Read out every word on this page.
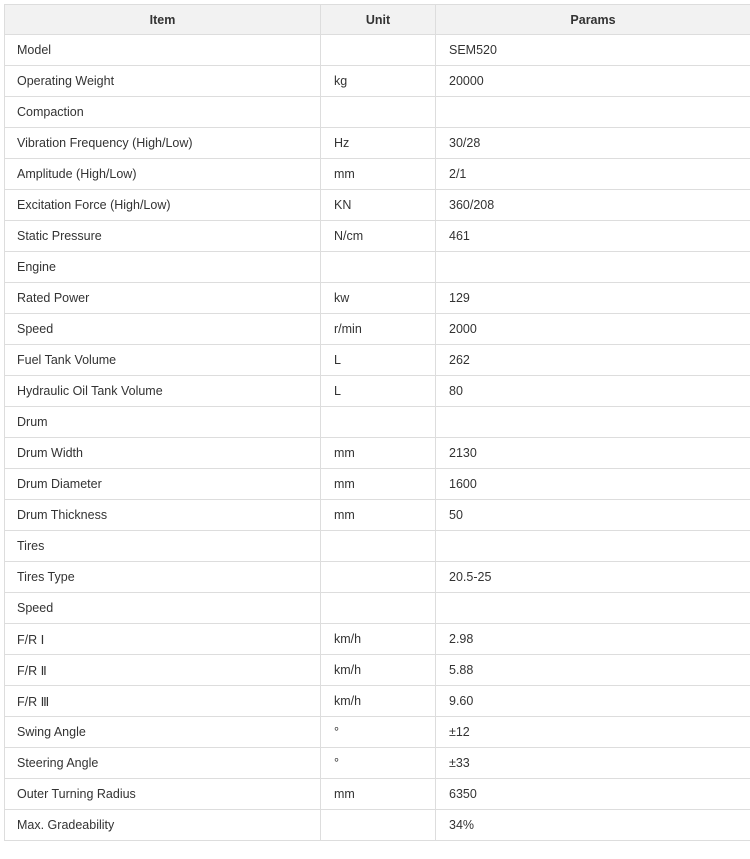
Item	Unit	Params
Model		SEM520
Operating Weight	kg	20000
Compaction		
Vibration Frequency (High/Low)	Hz	30/28
Amplitude (High/Low)	mm	2/1
Excitation Force (High/Low)	KN	360/208
Static Pressure	N/cm	461
Engine		
Rated Power	kw	129
Speed	r/min	2000
Fuel Tank Volume	L	262
Hydraulic Oil Tank Volume	L	80
Drum		
Drum Width	mm	2130
Drum Diameter	mm	1600
Drum Thickness	mm	50
Tires		
Tires Type		20.5-25
Speed		
F/R Ⅰ	km/h	2.98
F/R Ⅱ	km/h	5.88
F/R Ⅲ	km/h	9.60
Swing Angle	°	±12
Steering Angle	°	±33
Outer Turning Radius	mm	6350
Max. Gradeability		34%
